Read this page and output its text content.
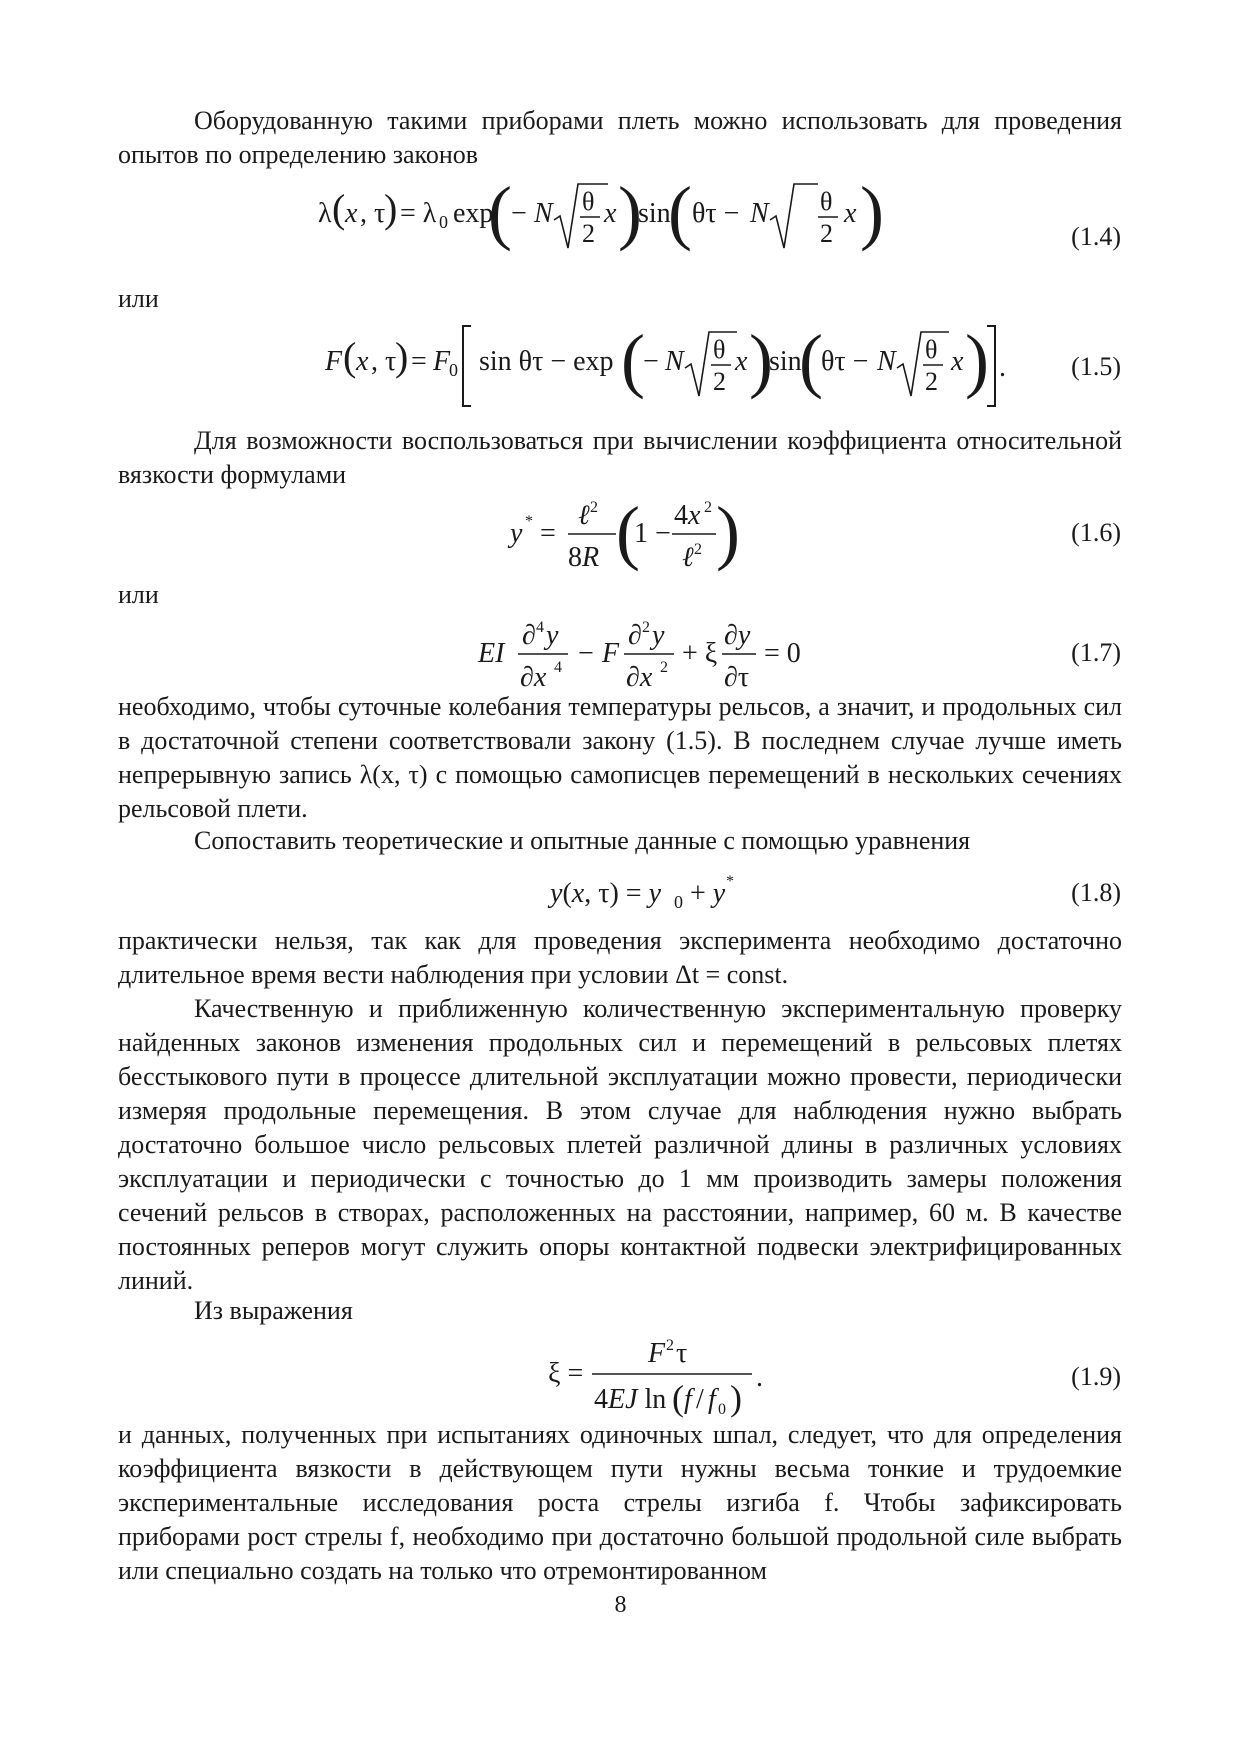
Оборудованную такими приборами плеть можно использовать для проведения опытов по определению законов
λ ( x , τ
) = λ 0 exp
( − N θ
2
x )
sin
( θτ − N θ
2
x )	(1.4)
или
F ( x , τ
) = F
0 sin θτ − exp (
− N θ
2
x )
sin
(
θτ − N θ
2
x ) .	(1.5)
Для возможности воспользоваться при вычислении коэффициента относительной вязкости формулами
y * =
ℓ 2
8R (
1 −
4x 2
ℓ 2 )	(1.6)
или
EI
∂ 4 y
∂x 4 − F
∂ 2 y
∂x 2 + ξ
∂y
∂τ
= 0	(1.7)
необходимо, чтобы суточные колебания температуры рельсов, а значит, и продольных сил в достаточной степени соответствовали закону (1.5). В последнем случае лучше иметь непрерывную запись λ(x, τ) с помощью самописцев перемещений в нескольких сечениях рельсовой плети.
Сопоставить теоретические и опытные данные с помощью уравнения
y(x, τ) = y 0 + y *	(1.8)
практически нельзя, так как для проведения эксперимента необходимо достаточно длительное время вести наблюдения при условии Δt = const.
Качественную и приближенную количественную экспериментальную проверку найденных законов изменения продольных сил и перемещений в рельсовых плетях бесстыкового пути в процессе длительной эксплуатации можно провести, периодически измеряя продольные перемещения. В этом случае для наблюдения нужно выбрать достаточно большое число рельсовых плетей различной длины в различных условиях эксплуатации и периодически с точностью до 1 мм производить замеры положения сечений рельсов в створах, расположенных на расстоянии, например, 60 м. В качестве постоянных реперов могут служить опоры контактной подвески электрифицированных линий.
Из выражения
ξ =
F 2 τ
4EJ ln ( f / f 0 )
.	(1.9)
и данных, полученных при испытаниях одиночных шпал, следует, что для определения коэффициента вязкости в действующем пути нужны весьма тонкие и трудоемкие экспериментальные исследования роста стрелы изгиба f. Чтобы зафиксировать приборами рост стрелы f, необходимо при достаточно большой продольной силе выбрать или специально создать на только что отремонтированном
8
